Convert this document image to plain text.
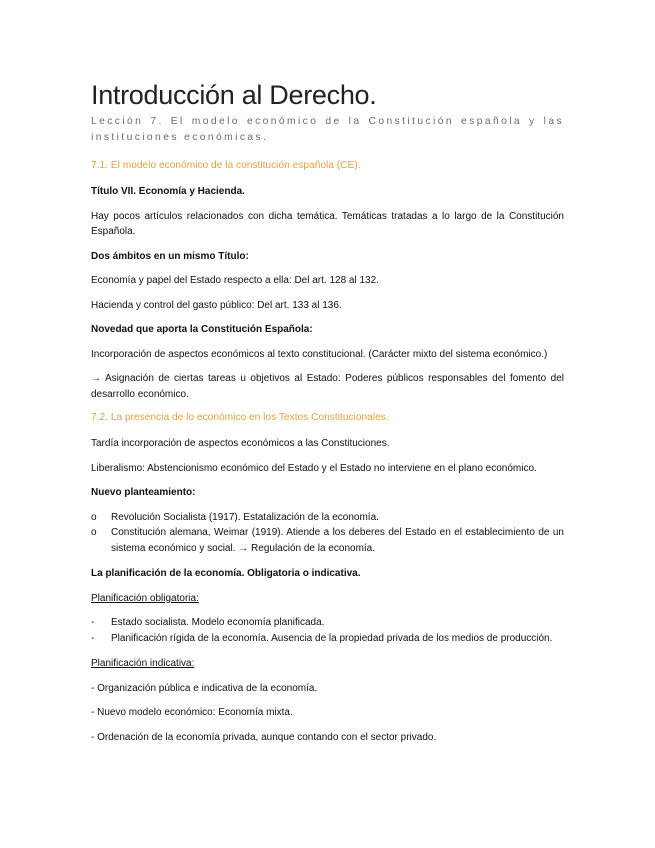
Introducción al Derecho.
Lección 7. El modelo económico de la Constitución española y las instituciones económicas.
7.1. El modelo económico de la constitución española (CE).
Título VII. Economía y Hacienda.
Hay pocos artículos relacionados con dicha temática. Temáticas tratadas a lo largo de la Constitución Española.
Dos ámbitos en un mismo Título:
Economía y papel del Estado respecto a ella: Del art. 128 al 132.
Hacienda y control del gasto público: Del art. 133 al 136.
Novedad que aporta la Constitución Española:
Incorporación de aspectos económicos al texto constitucional. (Carácter mixto del sistema económico.)
→ Asignación de ciertas tareas u objetivos al Estado: Poderes públicos responsables del fomento del desarrollo económico.
7.2. La presencia de lo económico en los Textos Constitucionales.
Tardía incorporación de aspectos económicos a las Constituciones.
Liberalismo: Abstencionismo económico del Estado y el Estado no interviene en el plano económico.
Nuevo planteamiento:
o Revolución Socialista (1917). Estatalización de la economía.
o Constitución alemana, Weimar (1919). Atiende a los deberes del Estado en el establecimiento de un sistema económico y social. → Regulación de la economía.
La planificación de la economía. Obligatoria o indicativa.
Planificación obligatoria:
- Estado socialista. Modelo economía planificada.
- Planificación rígida de la economía. Ausencia de la propiedad privada de los medios de producción.
Planificación indicativa:
- Organización pública e indicativa de la economía.
- Nuevo modelo económico: Economía mixta.
- Ordenación de la economía privada, aunque contando con el sector privado.
